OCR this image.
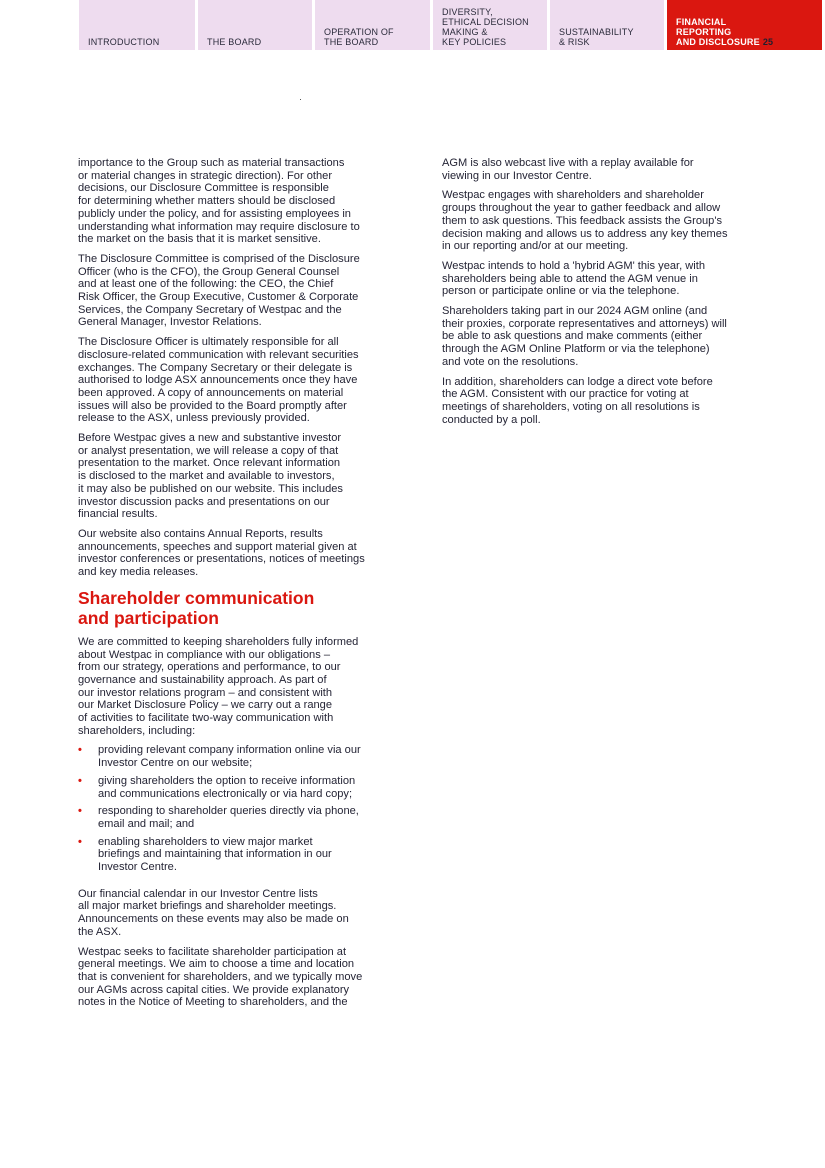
INTRODUCTION	THE BOARD
OPERATION OF
THE BOARD
DIVERSITY,
ETHICAL DECISION
MAKING &
KEY POLICIES
SUSTAINABILITY
& RISK
FINANCIAL
REPORTING
AND DISCLOSURE 25

importance to the Group such as material transactions
or material changes in strategic direction). For other
decisions, our Disclosure Committee is responsible
for determining whether matters should be disclosed
publicly under the policy, and for assisting employees in
understanding what information may require disclosure to
the market on the basis that it is market sensitive.

The Disclosure Committee is comprised of the Disclosure
Officer (who is the CFO), the Group General Counsel
and at least one of the following: the CEO, the Chief
Risk Officer, the Group Executive, Customer & Corporate
Services, the Company Secretary of Westpac and the
General Manager, Investor Relations.

The Disclosure Officer is ultimately responsible for all
disclosure-related communication with relevant securities
exchanges. The Company Secretary or their delegate is
authorised to lodge ASX announcements once they have
been approved. A copy of announcements on material
issues will also be provided to the Board promptly after
release to the ASX, unless previously provided.

Before Westpac gives a new and substantive investor
or analyst presentation, we will release a copy of that
presentation to the market. Once relevant information
is disclosed to the market and available to investors,
it may also be published on our website. This includes
investor discussion packs and presentations on our
financial results.

Our website also contains Annual Reports, results
announcements, speeches and support material given at
investor conferences or presentations, notices of meetings
and key media releases.

Shareholder communication
and participation

We are committed to keeping shareholders fully informed
about Westpac in compliance with our obligations –
from our strategy, operations and performance, to our
governance and sustainability approach. As part of
our investor relations program – and consistent with
our Market Disclosure Policy – we carry out a range
of activities to facilitate two-way communication with
shareholders, including:

• providing relevant company information online via our
Investor Centre on our website;
• giving shareholders the option to receive information
and communications electronically or via hard copy;
• responding to shareholder queries directly via phone,
email and mail; and
• enabling shareholders to view major market
briefings and maintaining that information in our
Investor Centre.

Our financial calendar in our Investor Centre lists
all major market briefings and shareholder meetings.
Announcements on these events may also be made on
the ASX.

Westpac seeks to facilitate shareholder participation at
general meetings. We aim to choose a time and location
that is convenient for shareholders, and we typically move
our AGMs across capital cities. We provide explanatory
notes in the Notice of Meeting to shareholders, and the

AGM is also webcast live with a replay available for
viewing in our Investor Centre.

Westpac engages with shareholders and shareholder
groups throughout the year to gather feedback and allow
them to ask questions. This feedback assists the Group's
decision making and allows us to address any key themes
in our reporting and/or at our meeting.

Westpac intends to hold a 'hybrid AGM' this year, with
shareholders being able to attend the AGM venue in
person or participate online or via the telephone.

Shareholders taking part in our 2024 AGM online (and
their proxies, corporate representatives and attorneys) will
be able to ask questions and make comments (either
through the AGM Online Platform or via the telephone)
and vote on the resolutions.

In addition, shareholders can lodge a direct vote before
the AGM. Consistent with our practice for voting at
meetings of shareholders, voting on all resolutions is
conducted by a poll.
